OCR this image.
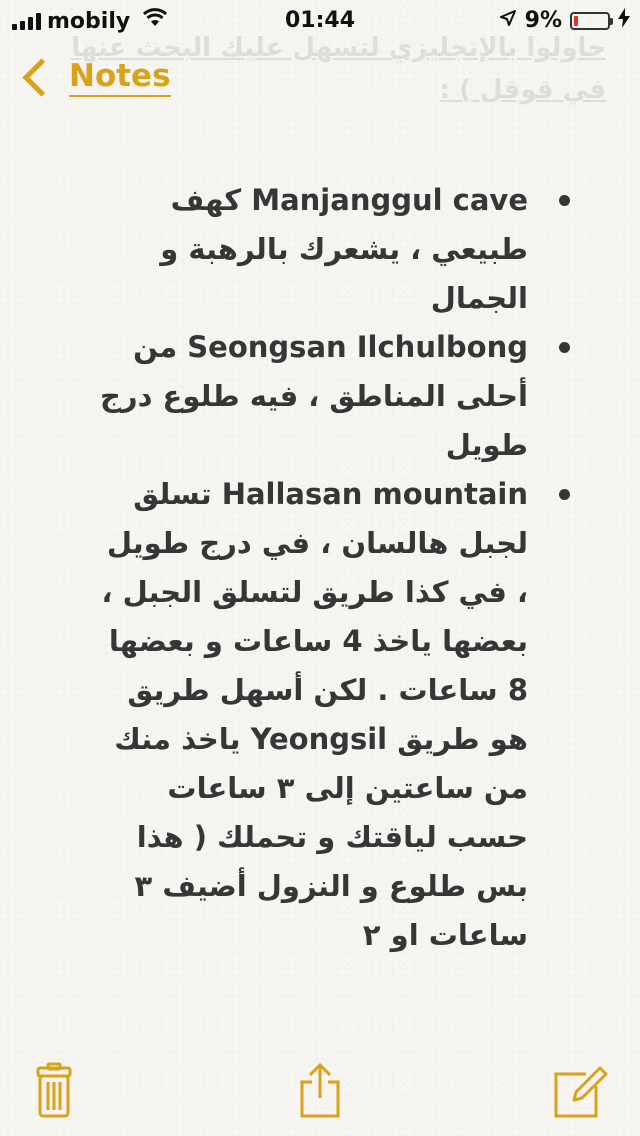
mobily	01:44	9%
حاولوا بالإنجليزي لتسهل عليك البحث عنها في قوقل ) :
Notes
Manjanggul cave كهف طبيعي ، يشعرك بالرهبة و الجمال
Seongsan Ilchulbong من أحلى المناطق ، فيه طلوع درج طويل
Hallasan mountain تسلق لجبل هالسان ، في درج طويل ، في كذا طريق لتسلق الجبل ، بعضها ياخذ 4 ساعات و بعضها 8 ساعات . لكن أسهل طريق هو طريق Yeongsil ياخذ منك من ساعتين إلى ٣ ساعات حسب لياقتك و تحملك ( هذا بس طلوع و النزول أضيف ٣ ساعات او ٢
